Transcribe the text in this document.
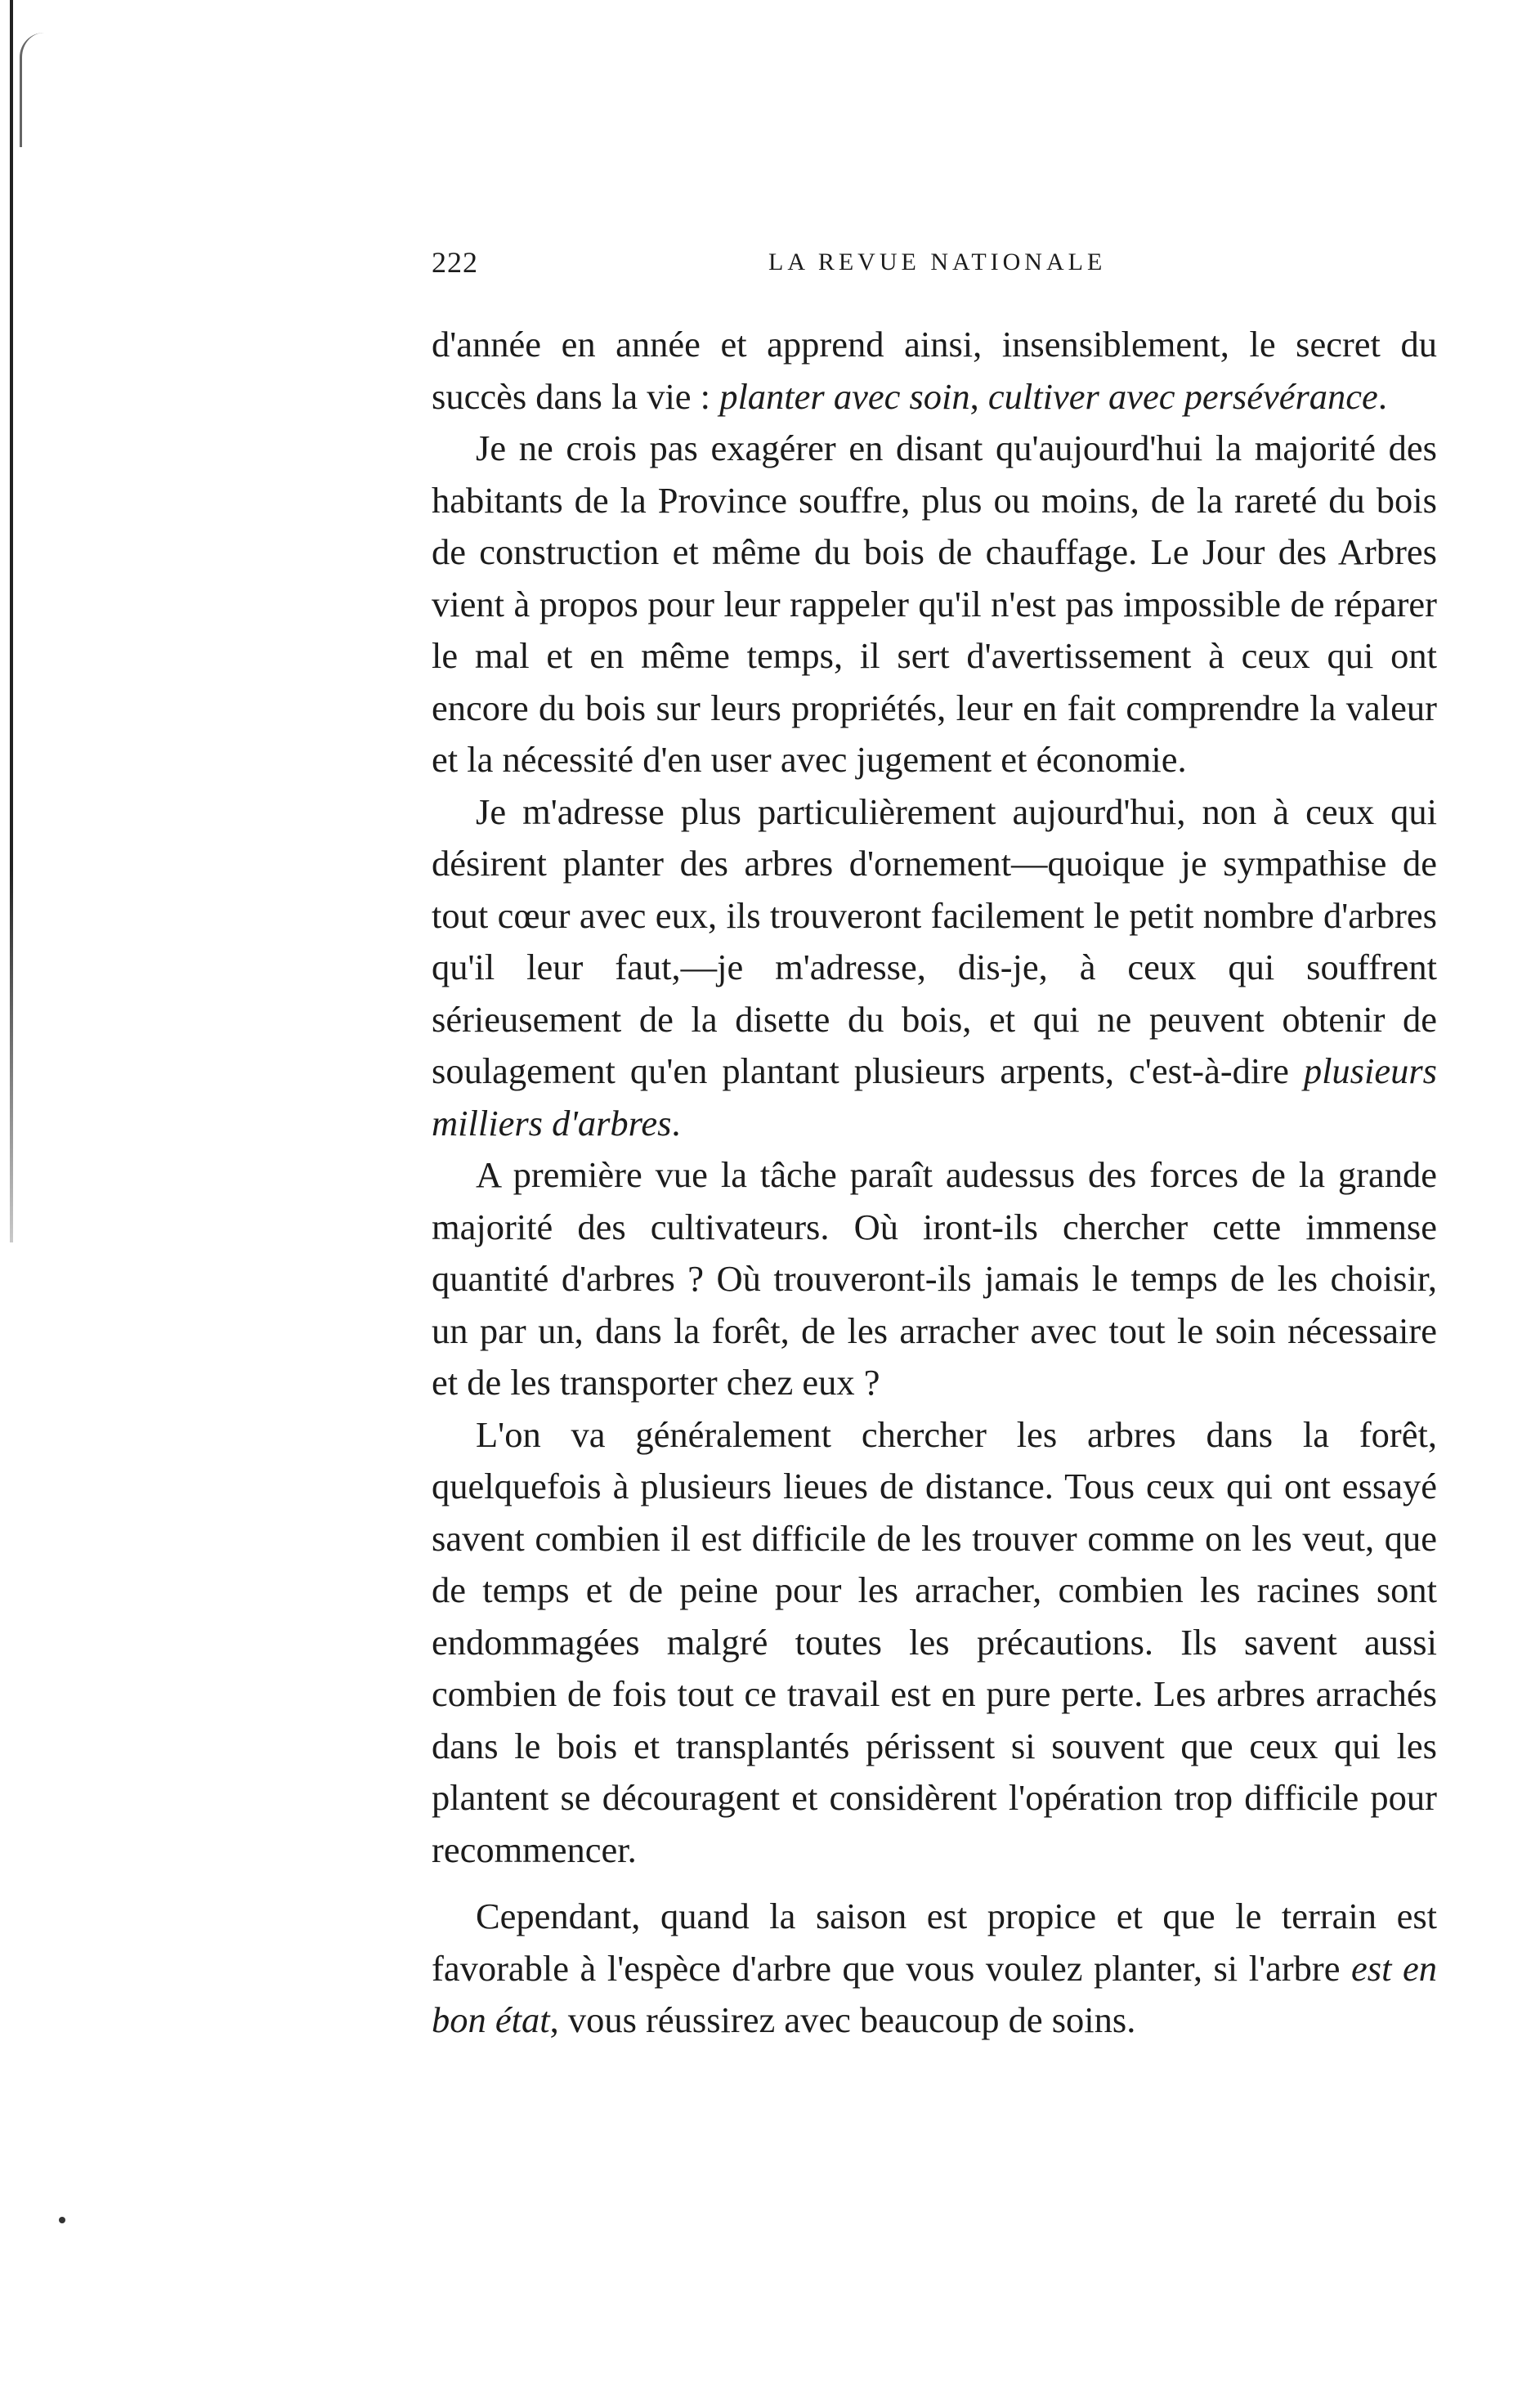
222	LA REVUE NATIONALE

d'année en année et apprend ainsi, insensiblement, le secret du succès dans la vie : planter avec soin, cultiver avec persévérance.

Je ne crois pas exagérer en disant qu'aujourd'hui la majorité des habitants de la Province souffre, plus ou moins, de la rareté du bois de construction et même du bois de chauffage. Le Jour des Arbres vient à propos pour leur rappeler qu'il n'est pas impossible de réparer le mal et en même temps, il sert d'avertissement à ceux qui ont encore du bois sur leurs propriétés, leur en fait comprendre la valeur et la nécessité d'en user avec jugement et économie.

Je m'adresse plus particulièrement aujourd'hui, non à ceux qui désirent planter des arbres d'ornement—quoique je sympathise de tout cœur avec eux, ils trouveront facilement le petit nombre d'arbres qu'il leur faut,—je m'adresse, dis-je, à ceux qui souffrent sérieusement de la disette du bois, et qui ne peuvent obtenir de soulagement qu'en plantant plusieurs arpents, c'est-à-dire plusieurs milliers d'arbres.

A première vue la tâche paraît audessus des forces de la grande majorité des cultivateurs. Où iront-ils chercher cette immense quantité d'arbres ? Où trouveront-ils jamais le temps de les choisir, un par un, dans la forêt, de les arracher avec tout le soin nécessaire et de les transporter chez eux ?

L'on va généralement chercher les arbres dans la forêt, quelquefois à plusieurs lieues de distance. Tous ceux qui ont essayé savent combien il est difficile de les trouver comme on les veut, que de temps et de peine pour les arracher, combien les racines sont endommagées malgré toutes les précautions. Ils savent aussi combien de fois tout ce travail est en pure perte. Les arbres arrachés dans le bois et transplantés périssent si souvent que ceux qui les plantent se découragent et considèrent l'opération trop difficile pour recommencer.

Cependant, quand la saison est propice et que le terrain est favorable à l'espèce d'arbre que vous voulez planter, si l'arbre est en bon état, vous réussirez avec beaucoup de soins.
